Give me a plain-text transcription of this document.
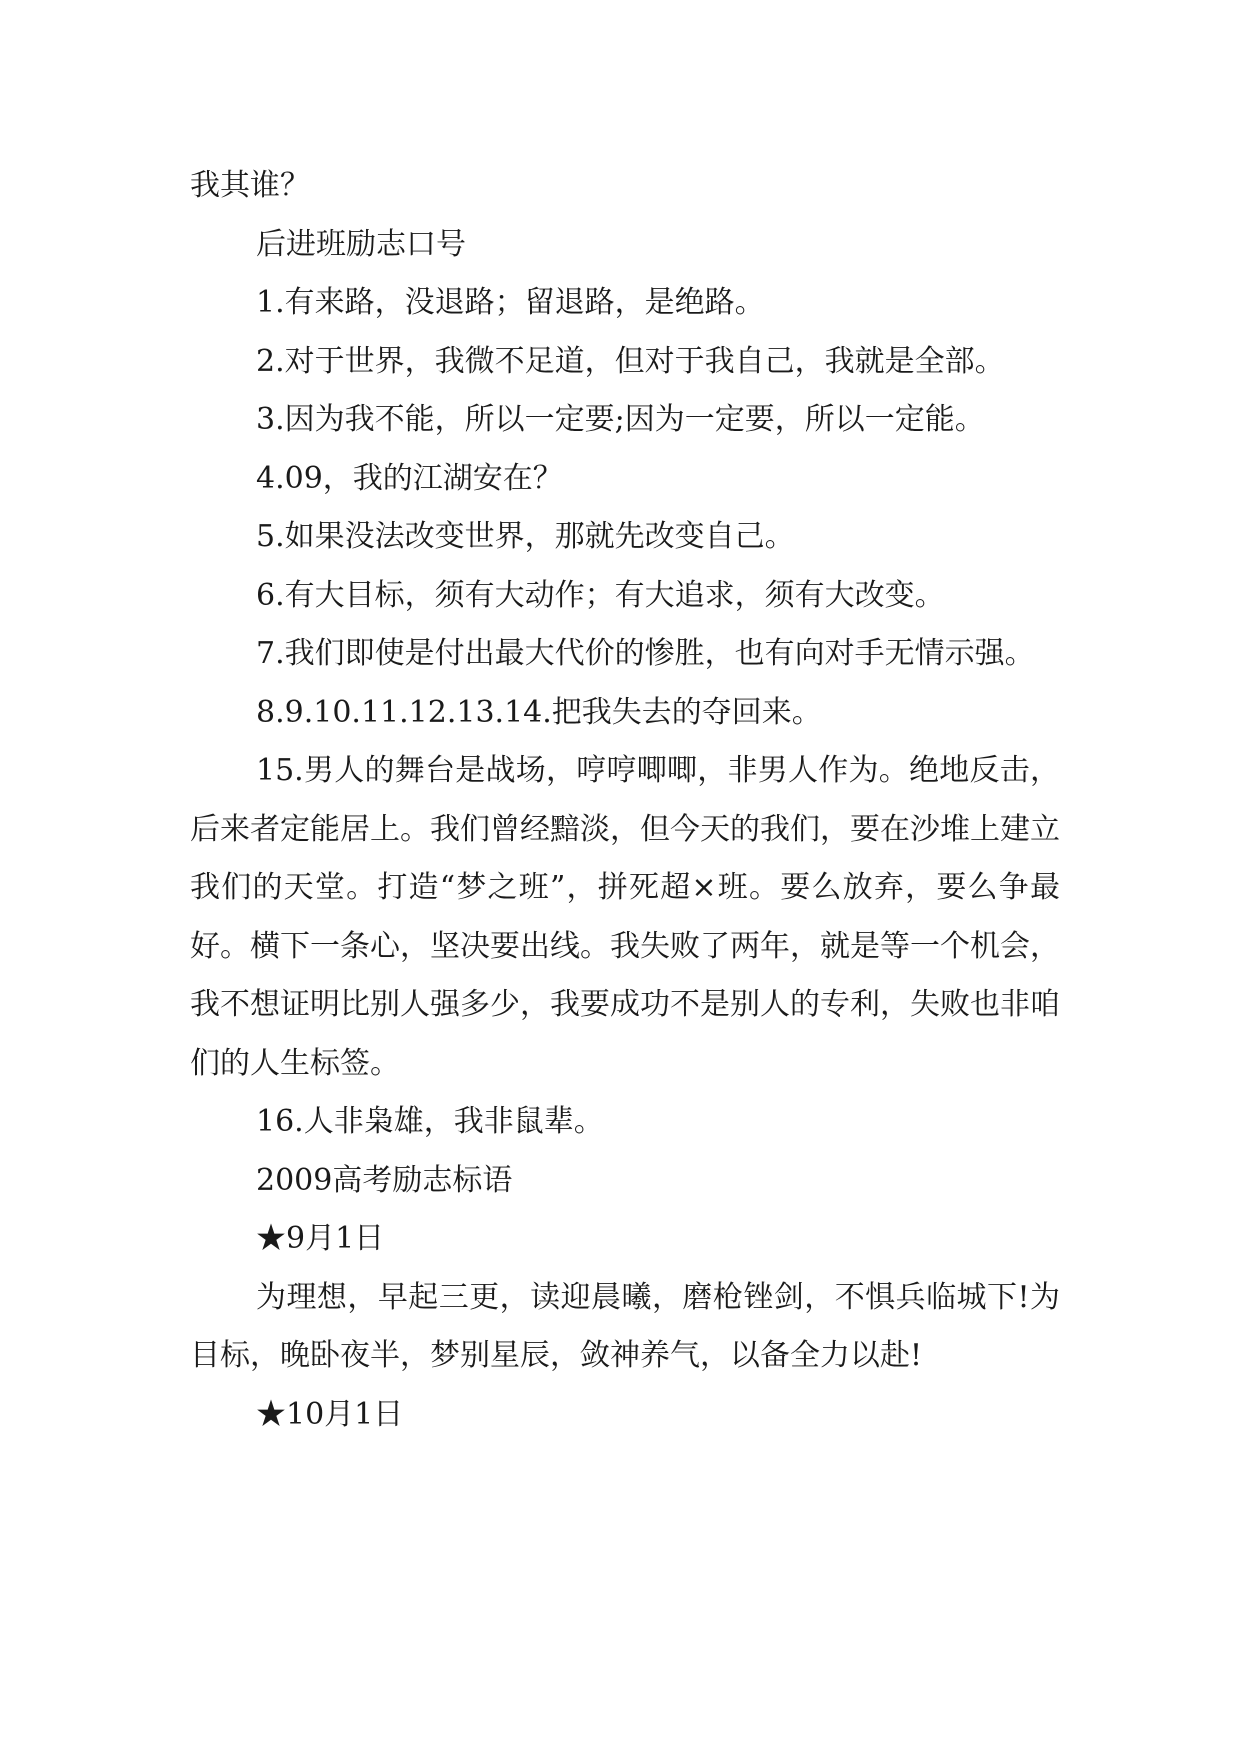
我其谁？

后进班励志口号

1.有来路，没退路；留退路，是绝路。

2.对于世界，我微不足道，但对于我自己，我就是全部。

3.因为我不能，所以一定要;因为一定要，所以一定能。

4.09，我的江湖安在？

5.如果没法改变世界，那就先改变自己。

6.有大目标，须有大动作；有大追求，须有大改变。

7.我们即使是付出最大代价的惨胜，也有向对手无情示强。

8.9.10.11.12.13.14.把我失去的夺回来。

15.男人的舞台是战场，哼哼唧唧，非男人作为。绝地反击，后来者定能居上。我们曾经黯淡，但今天的我们，要在沙堆上建立我们的天堂。打造“梦之班”，拼死超×班。要么放弃，要么争最好。横下一条心，坚决要出线。我失败了两年，就是等一个机会，我不想证明比别人强多少，我要成功不是别人的专利，失败也非咱们的人生标签。

16.人非枭雄，我非鼠辈。

2009高考励志标语

★9月1日

为理想，早起三更，读迎晨曦，磨枪锉剑，不惧兵临城下!为目标，晚卧夜半，梦别星辰，敛神养气，以备全力以赴!

★10月1日
